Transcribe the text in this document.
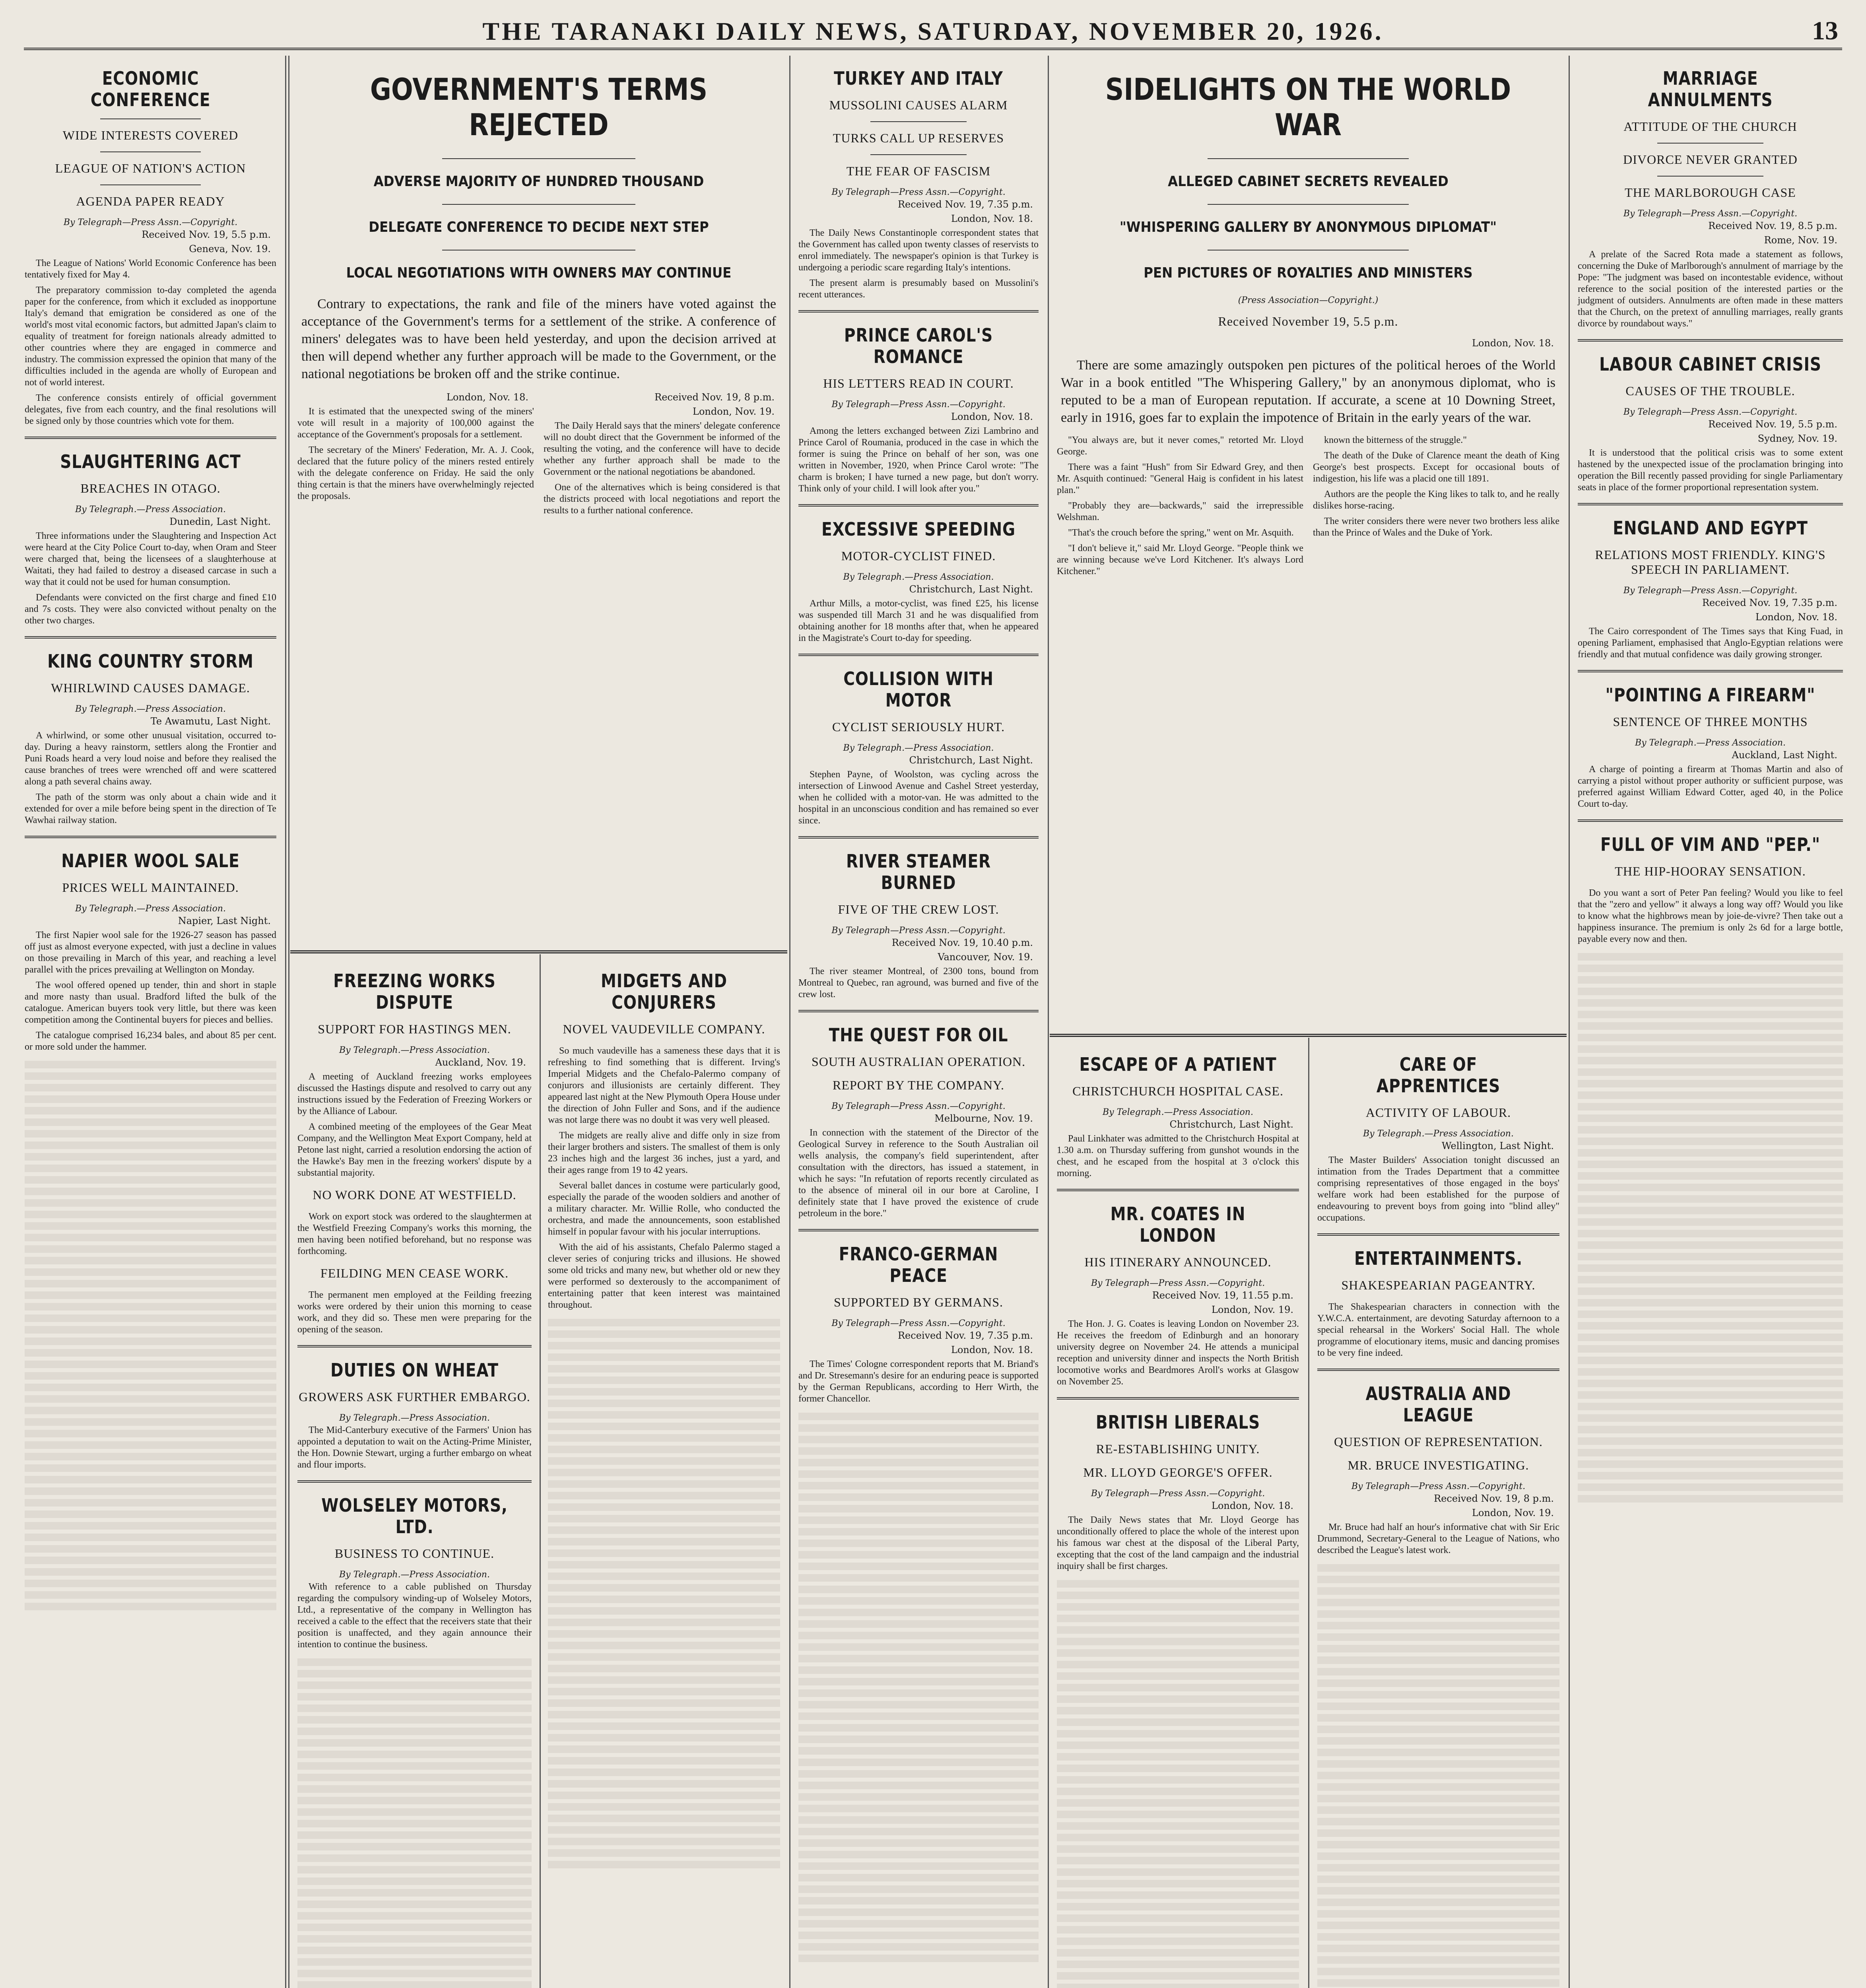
THE TARANAKI DAILY NEWS, SATURDAY, NOVEMBER 20, 1926.	13
ECONOMIC CONFERENCE
WIDE INTERESTS COVERED
LEAGUE OF NATION'S ACTION
AGENDA PAPER READY
By Telegraph—Press Assn.—Copyright.
Received Nov. 19, 5.5 p.m.
Geneva, Nov. 19.

The League of Nations' World Economic Conference has been tentatively fixed for May 4.

The preparatory commission to-day completed the agenda paper for the conference, from which it excluded as inopportune Italy's demand that emigration be considered as one of the world's most vital economic factors, but admitted Japan's claim to equality of treatment for foreign nationals already admitted to other countries where they are engaged in commerce and industry. The commission expressed the opinion that many of the difficulties included in the agenda are wholly of European and not of world interest.

The conference consists entirely of official government delegates, five from each country, and the final resolutions will be signed only by those countries which vote for them.

SLAUGHTERING ACT
BREACHES IN OTAGO.
By Telegraph.—Press Association.
Dunedin, Last Night.

Three informations under the Slaughtering and Inspection Act were heard at the City Police Court to-day, when Oram and Steer were charged that, being the licensees of a slaughterhouse at Waitati, they had failed to destroy a diseased carcase in such a way that it could not be used for human consumption.

Defendants were convicted on the first charge and fined £10 and 7s costs. They were also convicted without penalty on the other two charges.

KING COUNTRY STORM
WHIRLWIND CAUSES DAMAGE.
By Telegraph.—Press Association.
Te Awamutu, Last Night.

A whirlwind, or some other unusual visitation, occurred to-day. During a heavy rainstorm, settlers along the Frontier and Puni Roads heard a very loud noise and before they realised the cause branches of trees were wrenched off and were scattered along a path several chains away.

The path of the storm was only about a chain wide and it extended for over a mile before being spent in the direction of Te Wawhai railway station.

NAPIER WOOL SALE
PRICES WELL MAINTAINED.
By Telegraph.—Press Association.
Napier, Last Night.

The first Napier wool sale for the 1926-27 season has passed off just as almost everyone expected, with just a decline in values on those prevailing in March of this year, and reaching a level parallel with the prices prevailing at Wellington on Monday.

The wool offered opened up tender, thin and short in staple and more nasty than usual. Bradford lifted the bulk of the catalogue. American buyers took very little, but there was keen competition among the Continental buyers for pieces and bellies.

The catalogue comprised 16,234 bales, and about 85 per cent. or more sold under the hammer.

GOVERNMENT'S TERMS REJECTED
ADVERSE MAJORITY OF HUNDRED THOUSAND
DELEGATE CONFERENCE TO DECIDE NEXT STEP
LOCAL NEGOTIATIONS WITH OWNERS MAY CONTINUE

Contrary to expectations, the rank and file of the miners have voted against the acceptance of the Government's terms for a settlement of the strike. A conference of miners' delegates was to have been held yesterday, and upon the decision arrived at then will depend whether any further approach will be made to the Government, or the national negotiations be broken off and the strike continue.

London, Nov. 18.

It is estimated that the unexpected swing of the miners' vote will result in a majority of 100,000 against the acceptance of the Government's proposals for a settlement.

The secretary of the Miners' Federation, Mr. A. J. Cook, declared that the future policy of the miners rested entirely with the delegate conference on Friday. He said the only thing certain is that the miners have overwhelmingly rejected the proposals.

Received Nov. 19, 8 p.m.
London, Nov. 19.

The Daily Herald says that the miners' delegate conference will no doubt direct that the Government be informed of the resulting the voting, and the conference will have to decide whether any further approach shall be made to the Government or the national negotiations be abandoned.

One of the alternatives which is being considered is that the districts proceed with local negotiations and report the results to a further national conference.

FREEZING WORKS DISPUTE
SUPPORT FOR HASTINGS MEN.
By Telegraph.—Press Association.
Auckland, Nov. 19.

A meeting of Auckland freezing works employees discussed the Hastings dispute and resolved to carry out any instructions issued by the Federation of Freezing Workers or by the Alliance of Labour.

A combined meeting of the employees of the Gear Meat Company, and the Wellington Meat Export Company, held at Petone last night, carried a resolution endorsing the action of the Hawke's Bay men in the freezing workers' dispute by a substantial majority.

NO WORK DONE AT WESTFIELD.

Work on export stock was ordered to the slaughtermen at the Westfield Freezing Company's works this morning, the men having been notified beforehand, but no response was forthcoming.

FEILDING MEN CEASE WORK.

The permanent men employed at the Feilding freezing works were ordered by their union this morning to cease work, and they did so. These men were preparing for the opening of the season.

DUTIES ON WHEAT
GROWERS ASK FURTHER EMBARGO.
By Telegraph.—Press Association.

The Mid-Canterbury executive of the Farmers' Union has appointed a deputation to wait on the Acting-Prime Minister, the Hon. Downie Stewart, urging a further embargo on wheat and flour imports.

WOLSELEY MOTORS, LTD.
BUSINESS TO CONTINUE.
By Telegraph.—Press Association.

With reference to a cable published on Thursday regarding the compulsory winding-up of Wolseley Motors, Ltd., a representative of the company in Wellington has received a cable to the effect that the receivers state that their position is unaffected, and they again announce their intention to continue the business.

MIDGETS AND CONJURERS
NOVEL VAUDEVILLE COMPANY.

So much vaudeville has a sameness these days that it is refreshing to find something that is different. Irving's Imperial Midgets and the Chefalo-Palermo company of conjurors and illusionists are certainly different. They appeared last night at the New Plymouth Opera House under the direction of John Fuller and Sons, and if the audience was not large there was no doubt it was very well pleased.

The midgets are really alive and diffe only in size from their larger brothers and sisters. The smallest of them is only 23 inches high and the largest 36 inches, just a yard, and their ages range from 19 to 42 years.

Several ballet dances in costume were particularly good, especially the parade of the wooden soldiers and another of a military character. Mr. Willie Rolle, who conducted the orchestra, and made the announcements, soon established himself in popular favour with his jocular interruptions.

With the aid of his assistants, Chefalo Palermo staged a clever series of conjuring tricks and illusions. He showed some old tricks and many new, but whether old or new they were performed so dexterously to the accompaniment of entertaining patter that keen interest was maintained throughout.

TURKEY AND ITALY
MUSSOLINI CAUSES ALARM
TURKS CALL UP RESERVES
THE FEAR OF FASCISM
By Telegraph—Press Assn.—Copyright.
Received Nov. 19, 7.35 p.m.
London, Nov. 18.

The Daily News Constantinople correspondent states that the Government has called upon twenty classes of reservists to enrol immediately. The newspaper's opinion is that Turkey is undergoing a periodic scare regarding Italy's intentions.

The present alarm is presumably based on Mussolini's recent utterances.

PRINCE CAROL'S ROMANCE
HIS LETTERS READ IN COURT.
By Telegraph—Press Assn.—Copyright.
London, Nov. 18.

Among the letters exchanged between Zizi Lambrino and Prince Carol of Roumania, produced in the case in which the former is suing the Prince on behalf of her son, was one written in November, 1920, when Prince Carol wrote: "The charm is broken; I have turned a new page, but don't worry. Think only of your child. I will look after you."

EXCESSIVE SPEEDING
MOTOR-CYCLIST FINED.
By Telegraph.—Press Association.
Christchurch, Last Night.

Arthur Mills, a motor-cyclist, was fined £25, his license was suspended till March 31 and he was disqualified from obtaining another for 18 months after that, when he appeared in the Magistrate's Court to-day for speeding.

COLLISION WITH MOTOR
CYCLIST SERIOUSLY HURT.
By Telegraph.—Press Association.
Christchurch, Last Night.

Stephen Payne, of Woolston, was cycling across the intersection of Linwood Avenue and Cashel Street yesterday, when he collided with a motor-van. He was admitted to the hospital in an unconscious condition and has remained so ever since.

RIVER STEAMER BURNED
FIVE OF THE CREW LOST.
By Telegraph—Press Assn.—Copyright.
Received Nov. 19, 10.40 p.m.
Vancouver, Nov. 19.

The river steamer Montreal, of 2300 tons, bound from Montreal to Quebec, ran aground, was burned and five of the crew lost.

THE QUEST FOR OIL
SOUTH AUSTRALIAN OPERATION.
REPORT BY THE COMPANY.
By Telegraph—Press Assn.—Copyright.
Melbourne, Nov. 19.

In connection with the statement of the Director of the Geological Survey in reference to the South Australian oil wells analysis, the company's field superintendent, after consultation with the directors, has issued a statement, in which he says: "In refutation of reports recently circulated as to the absence of mineral oil in our bore at Caroline, I definitely state that I have proved the existence of crude petroleum in the bore."

FRANCO-GERMAN PEACE
SUPPORTED BY GERMANS.
By Telegraph—Press Assn.—Copyright.
Received Nov. 19, 7.35 p.m.
London, Nov. 18.

The Times' Cologne correspondent reports that M. Briand's and Dr. Stresemann's desire for an enduring peace is supported by the German Republicans, according to Herr Wirth, the former Chancellor.

SIDELIGHTS ON THE WORLD WAR
ALLEGED CABINET SECRETS REVEALED
"WHISPERING GALLERY BY ANONYMOUS DIPLOMAT"
PEN PICTURES OF ROYALTIES AND MINISTERS
(Press Association—Copyright.)
Received November 19, 5.5 p.m.
London, Nov. 18.

There are some amazingly outspoken pen pictures of the political heroes of the World War in a book entitled "The Whispering Gallery," by an anonymous diplomat, who is reputed to be a man of European reputation. If accurate, a scene at 10 Downing Street, early in 1916, goes far to explain the impotence of Britain in the early years of the war.

"You always are, but it never comes," retorted Mr. Lloyd George.

There was a faint "Hush" from Sir Edward Grey, and then Mr. Asquith continued: "General Haig is confident in his latest plan."

"Probably they are—backwards," said the irrepressible Welshman.

"That's the crouch before the spring," went on Mr. Asquith.

"I don't believe it," said Mr. Lloyd George. "People think we are winning because we've Lord Kitchener. It's always Lord Kitchener."

known the bitterness of the struggle."

The death of the Duke of Clarence meant the death of King George's best prospects. Except for occasional bouts of indigestion, his life was a placid one till 1891.

Authors are the people the King likes to talk to, and he really dislikes horse-racing.

The writer considers there were never two brothers less alike than the Prince of Wales and the Duke of York.

ESCAPE OF A PATIENT
CHRISTCHURCH HOSPITAL CASE.
By Telegraph.—Press Association.
Christchurch, Last Night.

Paul Linkhater was admitted to the Christchurch Hospital at 1.30 a.m. on Thursday suffering from gunshot wounds in the chest, and he escaped from the hospital at 3 o'clock this morning.

MR. COATES IN LONDON
HIS ITINERARY ANNOUNCED.
By Telegraph—Press Assn.—Copyright.
Received Nov. 19, 11.55 p.m.
London, Nov. 19.

The Hon. J. G. Coates is leaving London on November 23. He receives the freedom of Edinburgh and an honorary university degree on November 24. He attends a municipal reception and university dinner and inspects the North British locomotive works and Beardmores Aroll's works at Glasgow on November 25.

BRITISH LIBERALS
RE-ESTABLISHING UNITY.
MR. LLOYD GEORGE'S OFFER.
By Telegraph—Press Assn.—Copyright.
London, Nov. 18.

The Daily News states that Mr. Lloyd George has unconditionally offered to place the whole of the interest upon his famous war chest at the disposal of the Liberal Party, excepting that the cost of the land campaign and the industrial inquiry shall be first charges.

CARE OF APPRENTICES
ACTIVITY OF LABOUR.
By Telegraph.—Press Association.
Wellington, Last Night.

The Master Builders' Association tonight discussed an intimation from the Trades Department that a committee comprising representatives of those engaged in the boys' welfare work had been established for the purpose of endeavouring to prevent boys from going into "blind alley" occupations.

ENTERTAINMENTS.
SHAKESPEARIAN PAGEANTRY.

The Shakespearian characters in connection with the Y.W.C.A. entertainment, are devoting Saturday afternoon to a special rehearsal in the Workers' Social Hall. The whole programme of elocutionary items, music and dancing promises to be very fine indeed.

AUSTRALIA AND LEAGUE
QUESTION OF REPRESENTATION.
MR. BRUCE INVESTIGATING.
By Telegraph—Press Assn.—Copyright.
Received Nov. 19, 8 p.m.
London, Nov. 19.

Mr. Bruce had half an hour's informative chat with Sir Eric Drummond, Secretary-General to the League of Nations, who described the League's latest work.

MARRIAGE ANNULMENTS
ATTITUDE OF THE CHURCH
DIVORCE NEVER GRANTED
THE MARLBOROUGH CASE
By Telegraph—Press Assn.—Copyright.
Received Nov. 19, 8.5 p.m.
Rome, Nov. 19.

A prelate of the Sacred Rota made a statement as follows, concerning the Duke of Marlborough's annulment of marriage by the Pope: "The judgment was based on incontestable evidence, without reference to the social position of the interested parties or the judgment of outsiders. Annulments are often made in these matters that the Church, on the pretext of annulling marriages, really grants divorce by roundabout ways."

LABOUR CABINET CRISIS
CAUSES OF THE TROUBLE.
By Telegraph—Press Assn.—Copyright.
Received Nov. 19, 5.5 p.m.
Sydney, Nov. 19.

It is understood that the political crisis was to some extent hastened by the unexpected issue of the proclamation bringing into operation the Bill recently passed providing for single Parliamentary seats in place of the former proportional representation system.

ENGLAND AND EGYPT
RELATIONS MOST FRIENDLY. KING'S SPEECH IN PARLIAMENT.
By Telegraph—Press Assn.—Copyright.
Received Nov. 19, 7.35 p.m.
London, Nov. 18.

The Cairo correspondent of The Times says that King Fuad, in opening Parliament, emphasised that Anglo-Egyptian relations were friendly and that mutual confidence was daily growing stronger.

"POINTING A FIREARM"
SENTENCE OF THREE MONTHS
By Telegraph.—Press Association.
Auckland, Last Night.

A charge of pointing a firearm at Thomas Martin and also of carrying a pistol without proper authority or sufficient purpose, was preferred against William Edward Cotter, aged 40, in the Police Court to-day.

FULL OF VIM AND "PEP."
THE HIP-HOORAY SENSATION.

Do you want a sort of Peter Pan feeling? Would you like to feel that the "zero and yellow" it always a long way off? Would you like to know what the highbrows mean by joie-de-vivre? Then take out a happiness insurance. The premium is only 2s 6d for a large bottle, payable every now and then.
